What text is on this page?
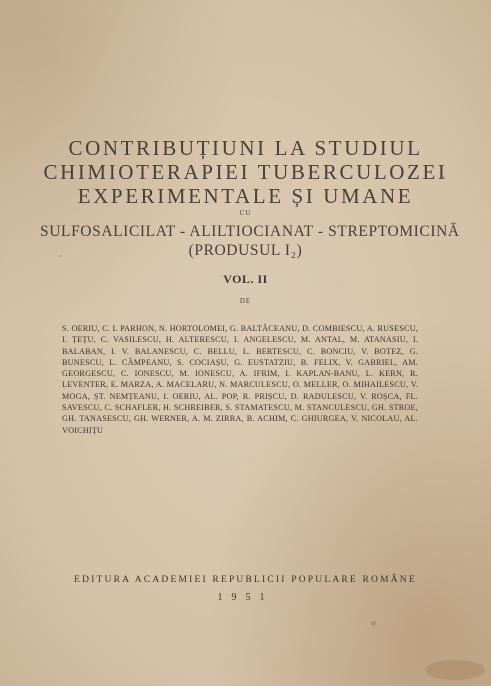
CONTRIBUȚIUNI LA STUDIUL
CHIMIOTERAPIEI TUBERCULOZEI
EXPERIMENTALE ȘI UMANE
CU
SULFOSALICILAT - ALILTIOCIANAT - STREPTOMICINĂ
(PRODUSUL I₂)
VOL. II
DE
S. OERIU, C. I. PARHON, N. HORTOLOMEI, G. BALTĂCEANU, D. COMBIESCU, A. RUSESCU, I. ȚEȚU, C. VASILESCU, H. ALTERESCU, I. ANGELESCU, M. ANTAL, M. ATANASIU, I. BALABAN, I. V. BALANESCU, C. BELLU, L. BERTESCU, C. BONCIU, V. BOTEZ, G. BUNESCU, L. CÂMPEANU, S. COCIAȘU, G. EUSTATZIU, B. FELIX, V. GABRIEL, AM. GEORGESCU, C. IONESCU, M. IONESCU, A. IFRIM, I. KAPLAN-BANU, L. KERN, R. LEVENTER, E. MARZA, A. MACELARU, N. MARCULESCU, O. MELLER, O. MIHAILESCU, V. MOGA, ȘT. NEMȚEANU, I. OERIU, AL. POP, R. PRIȘCU, D. RADULESCU, V. ROȘCA, FL. SAVESCU, C. SCHAFLER, H. SCHREIBER, S. STAMATESCU, M. STANCULESCU, GH. STROE, GH. TANASESCU, GH. WERNER, A. M. ZIRRA, B. ACHIM, C. GHIURGEA, V. NICOLAU, AL. VOICHIȚU
EDITURA ACADEMIEI REPUBLICII POPULARE ROMÂNE
1951
